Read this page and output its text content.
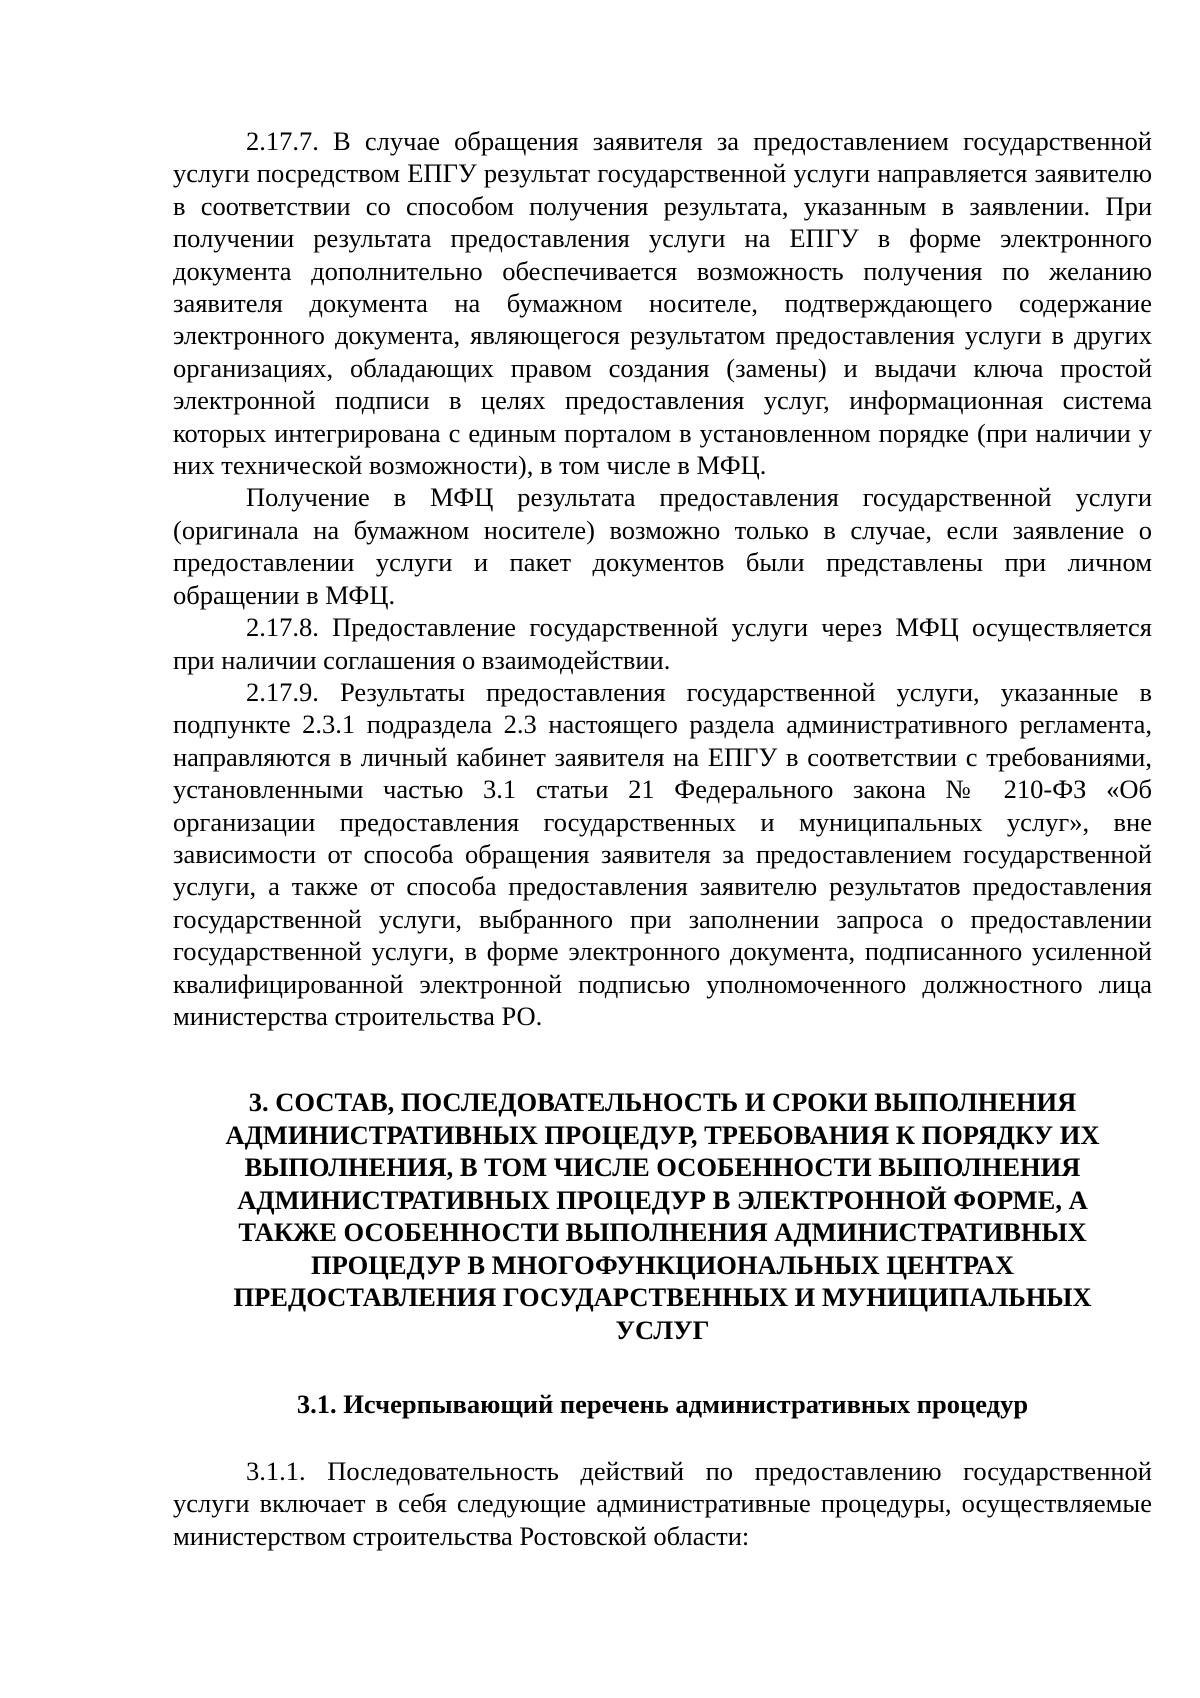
2.17.7. В случае обращения заявителя за предоставлением государственной услуги посредством ЕПГУ результат государственной услуги направляется заявителю в соответствии со способом получения результата, указанным в заявлении. При получении результата предоставления услуги на ЕПГУ в форме электронного документа дополнительно обеспечивается возможность получения по желанию заявителя документа на бумажном носителе, подтверждающего содержание электронного документа, являющегося результатом предоставления услуги в других организациях, обладающих правом создания (замены) и выдачи ключа простой электронной подписи в целях предоставления услуг, информационная система которых интегрирована с единым порталом в установленном порядке (при наличии у них технической возможности), в том числе в МФЦ.

Получение в МФЦ результата предоставления государственной услуги (оригинала на бумажном носителе) возможно только в случае, если заявление о предоставлении услуги и пакет документов были представлены при личном обращении в МФЦ.

2.17.8. Предоставление государственной услуги через МФЦ осуществляется при наличии соглашения о взаимодействии.

2.17.9. Результаты предоставления государственной услуги, указанные в подпункте 2.3.1 подраздела 2.3 настоящего раздела административного регламента, направляются в личный кабинет заявителя на ЕПГУ в соответствии с требованиями, установленными частью 3.1 статьи 21 Федерального закона № 210-ФЗ «Об организации предоставления государственных и муниципальных услуг», вне зависимости от способа обращения заявителя за предоставлением государственной услуги, а также от способа предоставления заявителю результатов предоставления государственной услуги, выбранного при заполнении запроса о предоставлении государственной услуги, в форме электронного документа, подписанного усиленной квалифицированной электронной подписью уполномоченного должностного лица министерства строительства РО.

3. СОСТАВ, ПОСЛЕДОВАТЕЛЬНОСТЬ И СРОКИ ВЫПОЛНЕНИЯ АДМИНИСТРАТИВНЫХ ПРОЦЕДУР, ТРЕБОВАНИЯ К ПОРЯДКУ ИХ ВЫПОЛНЕНИЯ, В ТОМ ЧИСЛЕ ОСОБЕННОСТИ ВЫПОЛНЕНИЯ АДМИНИСТРАТИВНЫХ ПРОЦЕДУР В ЭЛЕКТРОННОЙ ФОРМЕ, А ТАКЖЕ ОСОБЕННОСТИ ВЫПОЛНЕНИЯ АДМИНИСТРАТИВНЫХ ПРОЦЕДУР В МНОГОФУНКЦИОНАЛЬНЫХ ЦЕНТРАХ ПРЕДОСТАВЛЕНИЯ ГОСУДАРСТВЕННЫХ И МУНИЦИПАЛЬНЫХ УСЛУГ
3.1. Исчерпывающий перечень административных процедур

3.1.1. Последовательность действий по предоставлению государственной услуги включает в себя следующие административные процедуры, осуществляемые министерством строительства Ростовской области:
